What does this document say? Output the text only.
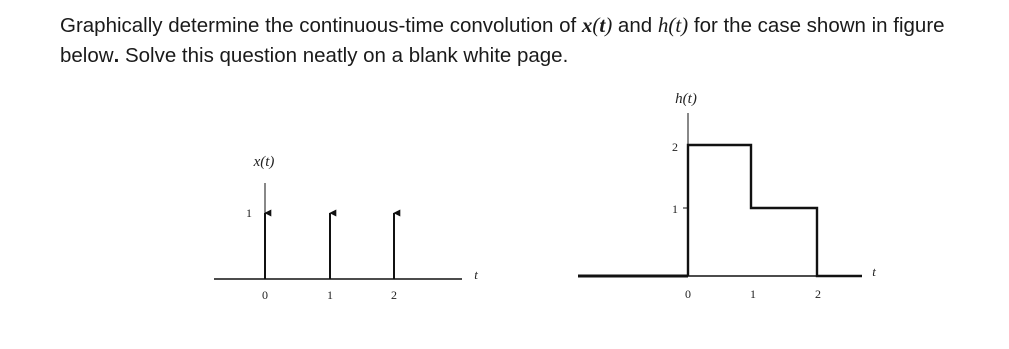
Graphically determine the continuous-time convolution of x(t) and h(t) for the case shown in figure below. Solve this question neatly on a blank white page.
x(t)
1
0	1	2
t
h(t)
2
1
0	1	2
t
